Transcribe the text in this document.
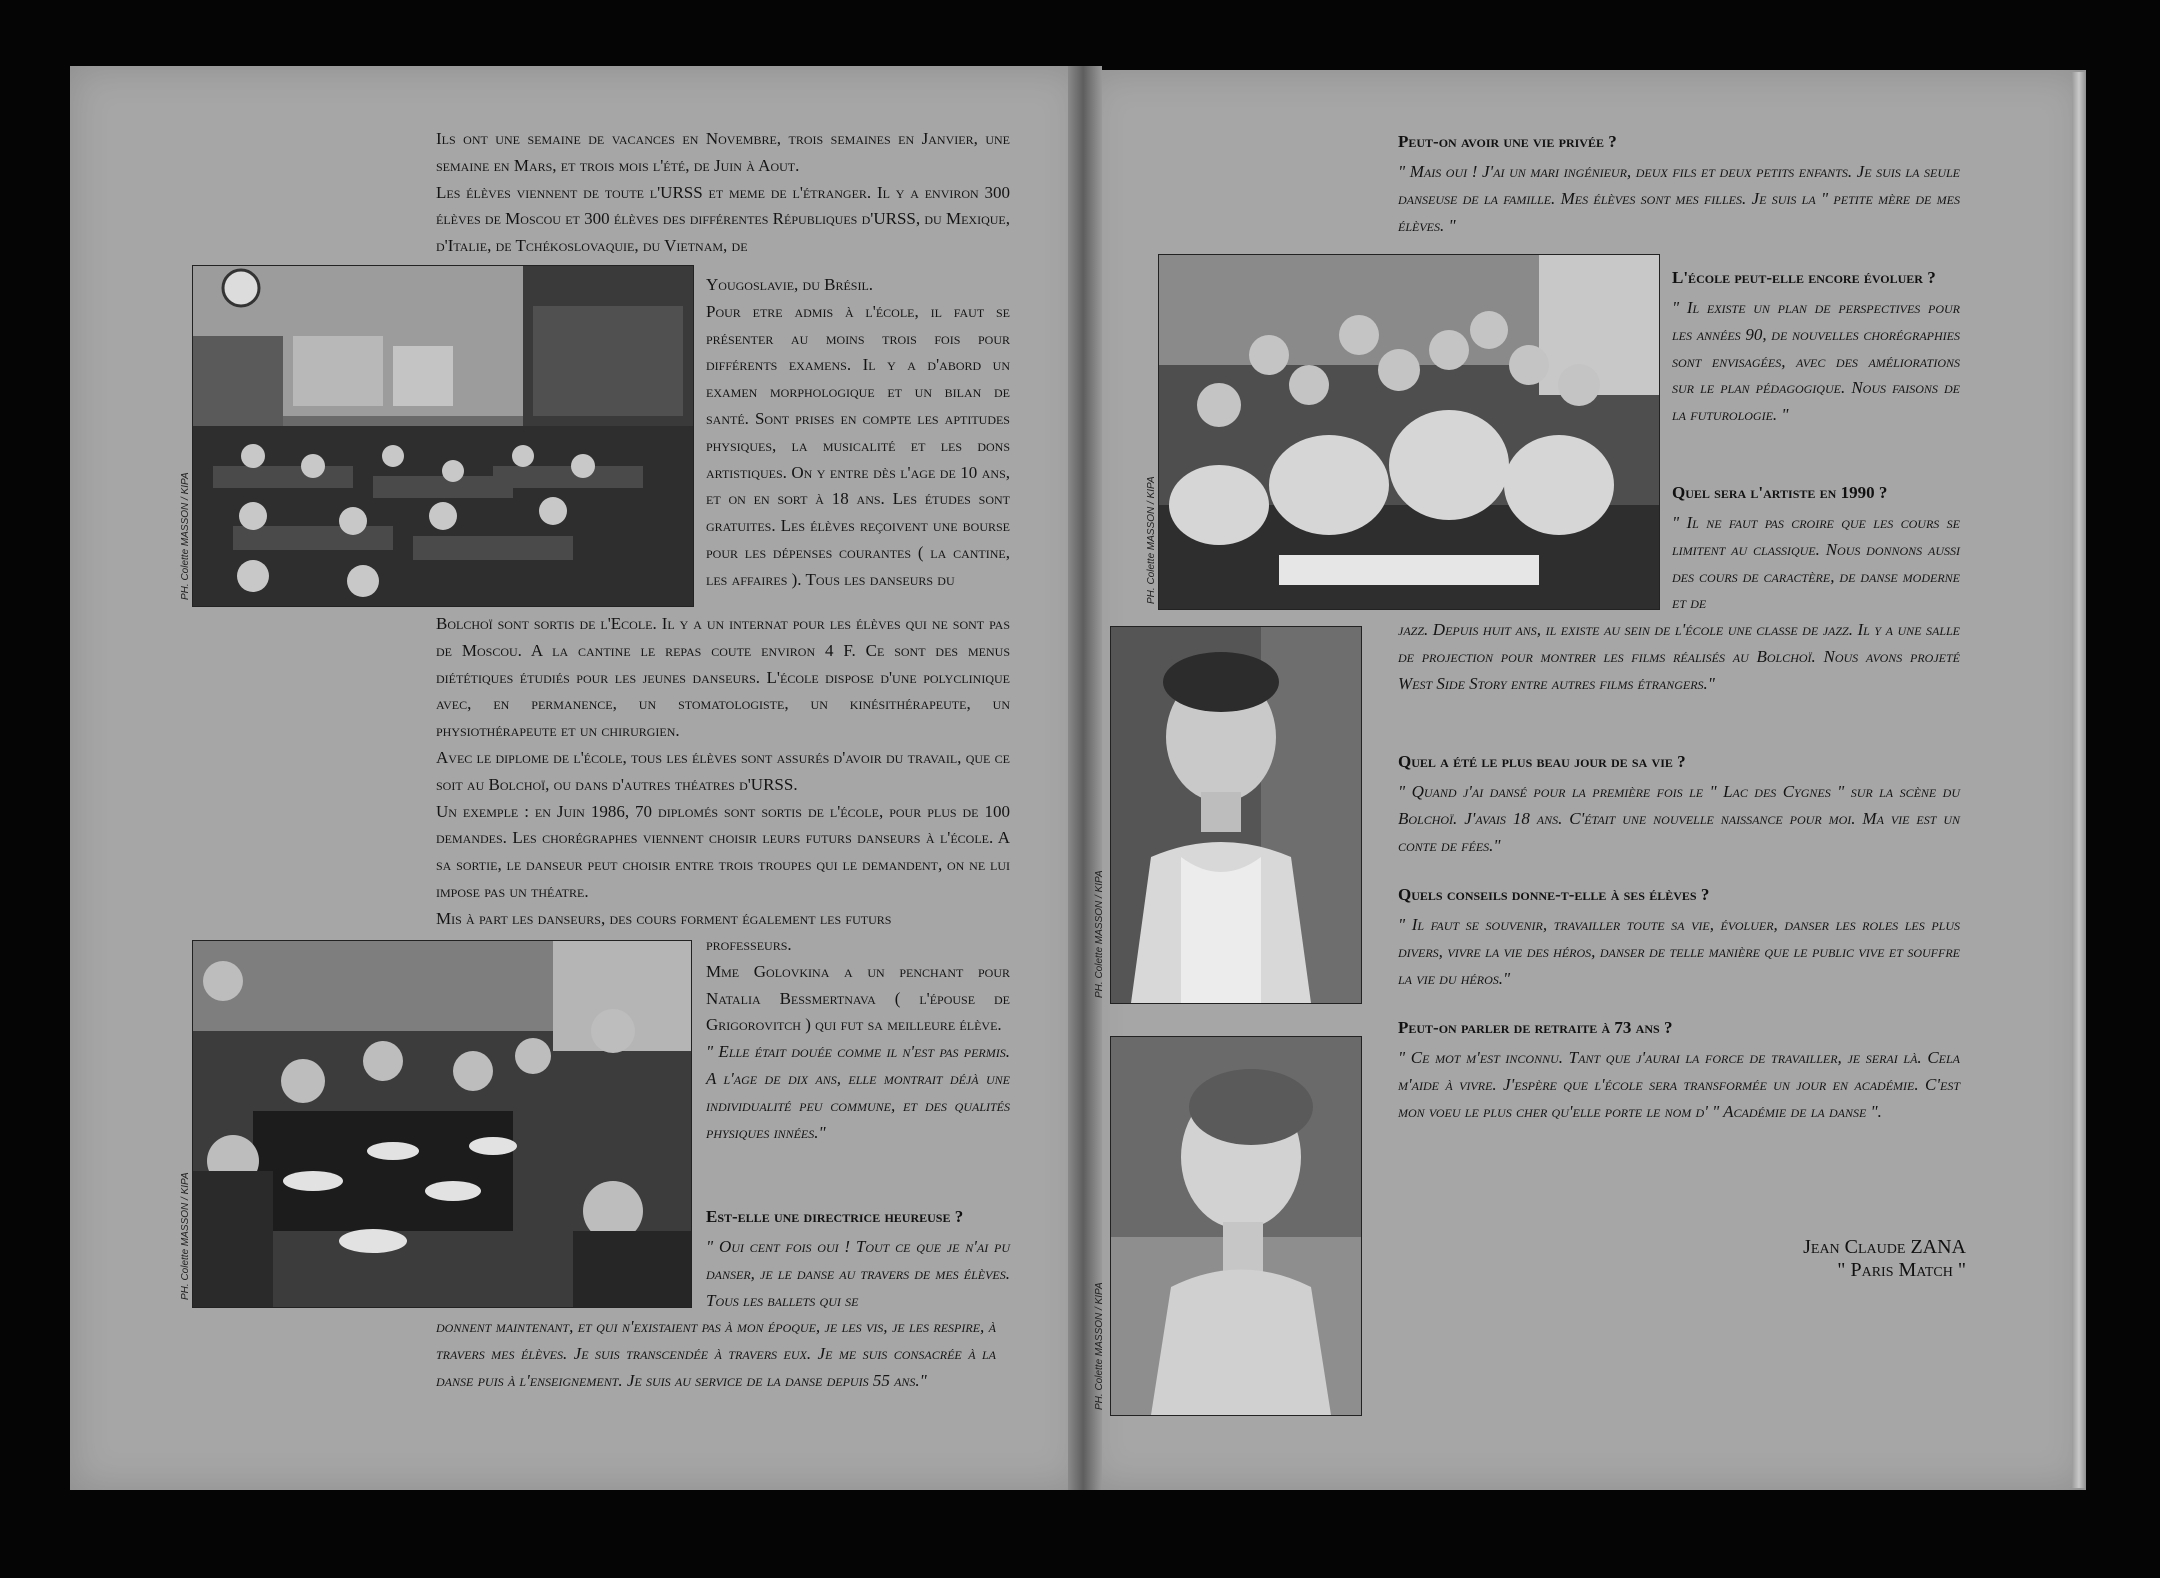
Ils ont une semaine de vacances en Novembre, trois semaines en Janvier, une semaine en Mars, et trois mois l'été, de Juin à Aout.

Les élèves viennent de toute l'URSS et meme de l'étranger. Il y a environ 300 élèves de Moscou et 300 élèves des différentes Républiques d'URSS, du Mexique, d'Italie, de Tchékoslovaquie, du Vietnam, de

PH. Colette MASSON / KIPA

Yougoslavie, du Brésil.

Pour etre admis à l'école, il faut se présenter au moins trois fois pour différents examens. Il y a d'abord un examen morphologique et un bilan de santé. Sont prises en compte les aptitudes physiques, la musicalité et les dons artistiques. On y entre dès l'age de 10 ans, et on en sort à 18 ans. Les études sont gratuites. Les élèves reçoivent une bourse pour les dépenses courantes ( la cantine, les affaires ). Tous les danseurs du

Bolchoï sont sortis de l'Ecole. Il y a un internat pour les élèves qui ne sont pas de Moscou. A la cantine le repas coute environ 4 F. Ce sont des menus diététiques étudiés pour les jeunes danseurs. L'école dispose d'une polyclinique avec, en permanence, un stomatologiste, un kinésithérapeute, un physiothérapeute et un chirurgien.

Avec le diplome de l'école, tous les élèves sont assurés d'avoir du travail, que ce soit au Bolchoï, ou dans d'autres théatres d'URSS.

Un exemple : en Juin 1986, 70 diplomés sont sortis de l'école, pour plus de 100 demandes. Les chorégraphes viennent choisir leurs futurs danseurs à l'école. A sa sortie, le danseur peut choisir entre trois troupes qui le demandent, on ne lui impose pas un théatre.

Mis à part les danseurs, des cours forment également les futurs

PH. Colette MASSON / KIPA

professeurs.

Mme Golovkina a un penchant pour Natalia Bessmertnava ( l'épouse de Grigorovitch ) qui fut sa meilleure élève.

" Elle était douée comme il n'est pas permis. A l'age de dix ans, elle montrait déjà une individualité peu commune, et des qualités physiques innées."

Est-elle une directrice heureuse ?
" Oui cent fois oui ! Tout ce que je n'ai pu danser, je le danse au travers de mes élèves. Tous les ballets qui se
donnent maintenant, et qui n'existaient pas à mon époque, je les vis, je les respire, à travers mes élèves. Je suis transcendée à travers eux. Je me suis consacrée à la danse puis à l'enseignement. Je suis au service de la danse depuis 55 ans."
Peut-on avoir une vie privée ?
" Mais oui ! J'ai un mari ingénieur, deux fils et deux petits enfants. Je suis la seule danseuse de la famille. Mes élèves sont mes filles. Je suis la " petite mère de mes élèves. "
PH. Colette MASSON / KIPA
L'école peut-elle encore évoluer ?
" Il existe un plan de perspectives pour les années 90, de nouvelles chorégraphies sont envisagées, avec des améliorations sur le plan pédagogique. Nous faisons de la futurologie. "
Quel sera l'artiste en 1990 ?
" Il ne faut pas croire que les cours se limitent au classique. Nous donnons aussi des cours de caractère, de danse moderne et de
jazz. Depuis huit ans, il existe au sein de l'école une classe de jazz. Il y a une salle de projection pour montrer les films réalisés au Bolchoï. Nous avons projeté West Side Story entre autres films étrangers."
PH. Colette MASSON / KIPA
PH. Colette MASSON / KIPA
Quel a été le plus beau jour de sa vie ?
" Quand j'ai dansé pour la première fois le " Lac des Cygnes " sur la scène du Bolchoï. J'avais 18 ans. C'était une nouvelle naissance pour moi. Ma vie est un conte de fées."
Quels conseils donne-t-elle à ses élèves ?
" Il faut se souvenir, travailler toute sa vie, évoluer, danser les roles les plus divers, vivre la vie des héros, danser de telle manière que le public vive et souffre la vie du héros."
Peut-on parler de retraite à 73 ans ?
" Ce mot m'est inconnu. Tant que j'aurai la force de travailler, je serai là. Cela m'aide à vivre. J'espère que l'école sera transformée un jour en académie. C'est mon voeu le plus cher qu'elle porte le nom d' " Académie de la danse ".
Jean Claude ZANA
" Paris Match "
